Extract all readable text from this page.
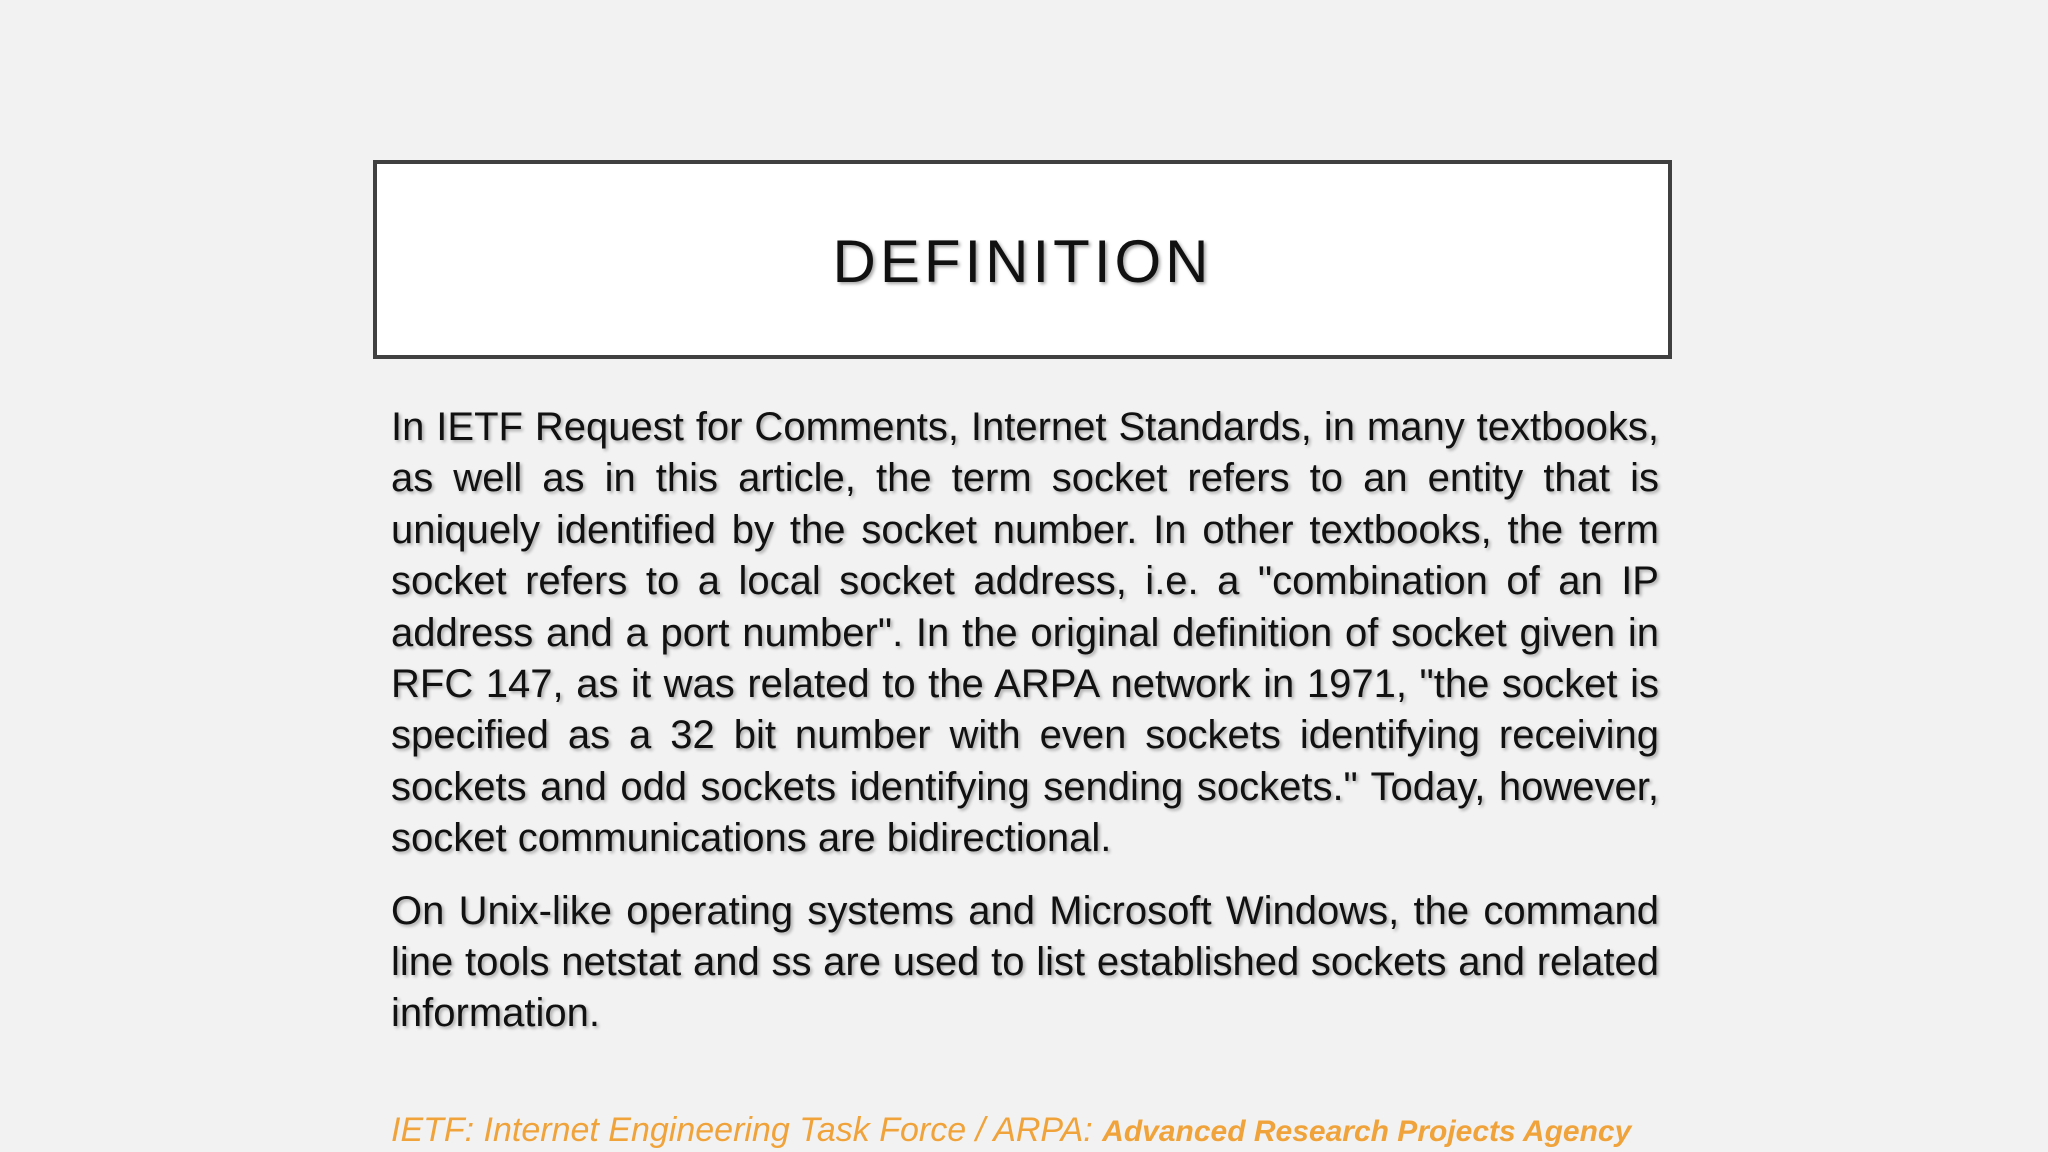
DEFINITION

In IETF Request for Comments, Internet Standards, in many textbooks, as well as in this article, the term socket refers to an entity that is uniquely identified by the socket number. In other textbooks, the term socket refers to a local socket address, i.e. a "combination of an IP address and a port number". In the original definition of socket given in RFC 147, as it was related to the ARPA network in 1971, "the socket is specified as a 32 bit number with even sockets identifying receiving sockets and odd sockets identifying sending sockets." Today, however, socket communications are bidirectional.

On Unix-like operating systems and Microsoft Windows, the command line tools netstat and ss are used to list established sockets and related information.

IETF: Internet Engineering Task Force / ARPA: Advanced Research Projects Agency
